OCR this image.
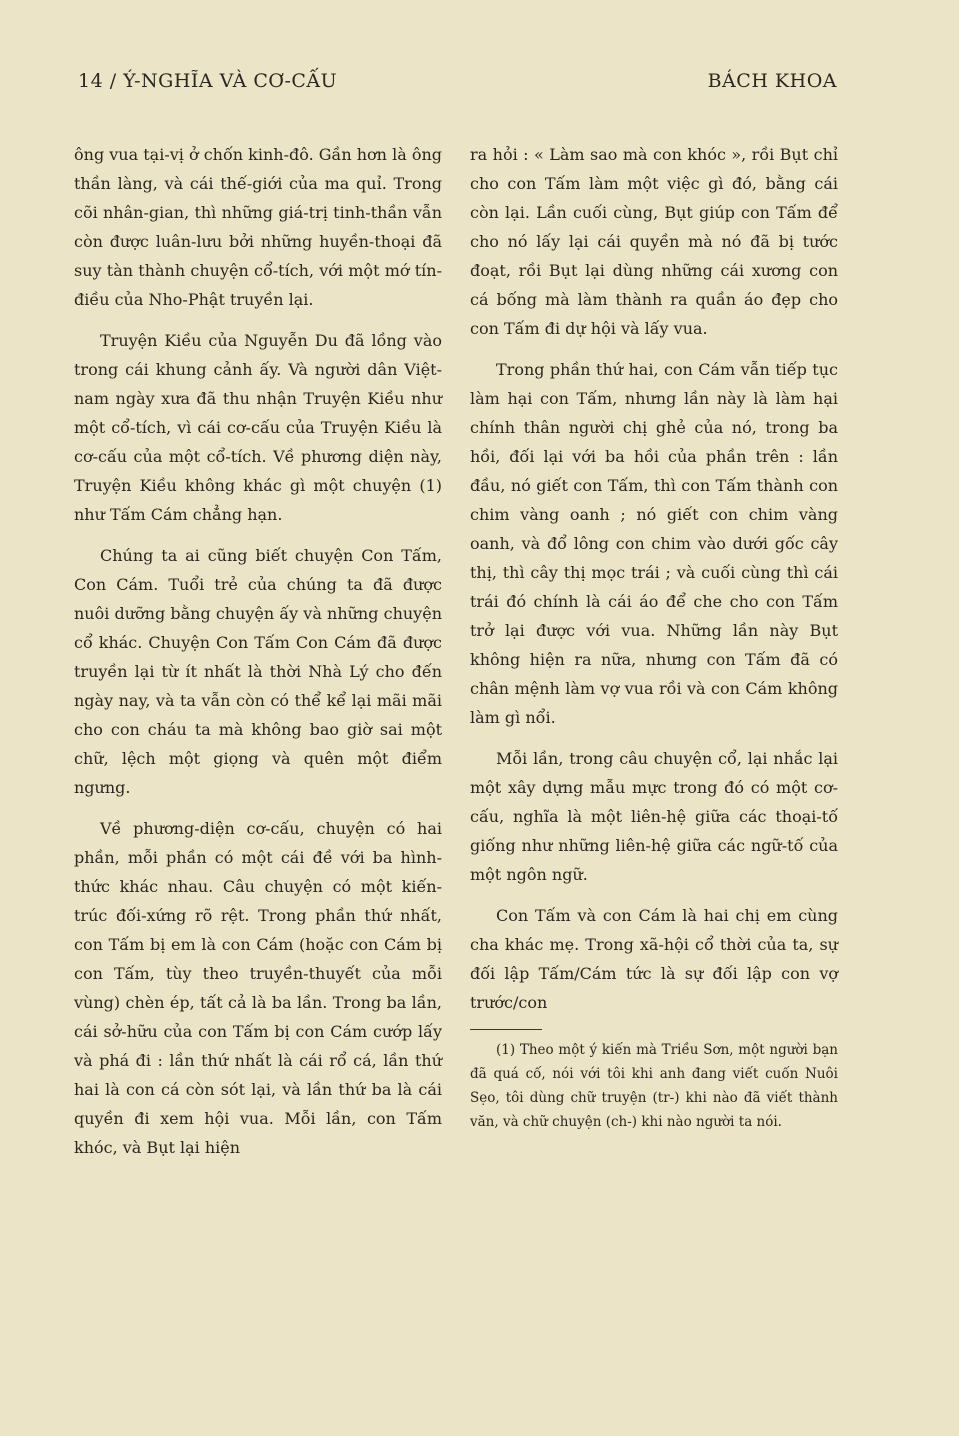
14 / Ý-NGHĨA VÀ CƠ-CẤU	BÁCH KHOA

ông vua tại-vị ở chốn kinh-đô. Gần hơn là ông thần làng, và cái thế-giới của ma quỉ. Trong cõi nhân-gian, thì những giá-trị tinh-thần vẫn còn được luân-lưu bởi những huyền-thoại đã suy tàn thành chuyện cổ-tích, với một mớ tín-điều của Nho-Phật truyền lại.

Truyện Kiều của Nguyễn Du đã lồng vào trong cái khung cảnh ấy. Và người dân Việt-nam ngày xưa đã thu nhận Truyện Kiều như một cổ-tích, vì cái cơ-cấu của Truyện Kiều là cơ-cấu của một cổ-tích. Về phương diện này, Truyện Kiều không khác gì một chuyện (1) như Tấm Cám chẳng hạn.

Chúng ta ai cũng biết chuyện Con Tấm, Con Cám. Tuổi trẻ của chúng ta đã được nuôi dưỡng bằng chuyện ấy và những chuyện cổ khác. Chuyện Con Tấm Con Cám đã được truyền lại từ ít nhất là thời Nhà Lý cho đến ngày nay, và ta vẫn còn có thể kể lại mãi mãi cho con cháu ta mà không bao giờ sai một chữ, lệch một giọng và quên một điểm ngưng.

Về phương-diện cơ-cấu, chuyện có hai phần, mỗi phần có một cái đề với ba hình-thức khác nhau. Câu chuyện có một kiến-trúc đối-xứng rõ rệt. Trong phần thứ nhất, con Tấm bị em là con Cám (hoặc con Cám bị con Tấm, tùy theo truyền-thuyết của mỗi vùng) chèn ép, tất cả là ba lần. Trong ba lần, cái sở-hữu của con Tấm bị con Cám cướp lấy và phá đi : lần thứ nhất là cái rổ cá, lần thứ hai là con cá còn sót lại, và lần thứ ba là cái quyền đi xem hội vua. Mỗi lần, con Tấm khóc, và Bụt lại hiện

ra hỏi : « Làm sao mà con khóc », rồi Bụt chỉ cho con Tấm làm một việc gì đó, bằng cái còn lại. Lần cuối cùng, Bụt giúp con Tấm để cho nó lấy lại cái quyền mà nó đã bị tước đoạt, rồi Bụt lại dùng những cái xương con cá bống mà làm thành ra quần áo đẹp cho con Tấm đi dự hội và lấy vua.

Trong phần thứ hai, con Cám vẫn tiếp tục làm hại con Tấm, nhưng lần này là làm hại chính thân người chị ghẻ của nó, trong ba hồi, đối lại với ba hồi của phần trên : lần đầu, nó giết con Tấm, thì con Tấm thành con chim vàng oanh ; nó giết con chim vàng oanh, và đổ lông con chim vào dưới gốc cây thị, thì cây thị mọc trái ; và cuối cùng thì cái trái đó chính là cái áo để che cho con Tấm trở lại được với vua. Những lần này Bụt không hiện ra nữa, nhưng con Tấm đã có chân mệnh làm vợ vua rồi và con Cám không làm gì nổi.

Mỗi lần, trong câu chuyện cổ, lại nhắc lại một xây dựng mẫu mực trong đó có một cơ-cấu, nghĩa là một liên-hệ giữa các thoại-tố giống như những liên-hệ giữa các ngữ-tố của một ngôn ngữ.

Con Tấm và con Cám là hai chị em cùng cha khác mẹ. Trong xã-hội cổ thời của ta, sự đối lập Tấm/Cám tức là sự đối lập con vợ trước/con

(1) Theo một ý kiến mà Triều Sơn, một người bạn đã quá cố, nói với tôi khi anh đang viết cuốn Nuôi Sẹo, tôi dùng chữ truyện (tr-) khi nào đã viết thành văn, và chữ chuyện (ch-) khi nào người ta nói.
